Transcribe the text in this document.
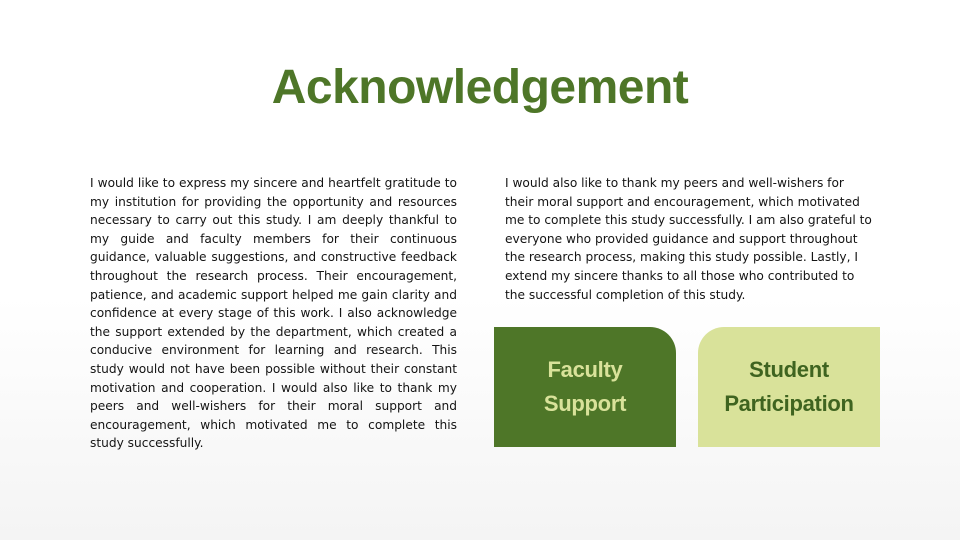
Acknowledgement

I would like to express my sincere and heartfelt gratitude to my institution for providing the opportunity and resources necessary to carry out this study. I am deeply thankful to my guide and faculty members for their continuous guidance, valuable suggestions, and constructive feedback throughout the research process. Their encouragement, patience, and academic support helped me gain clarity and confidence at every stage of this work. I also acknowledge the support extended by the department, which created a conducive environment for learning and research. This study would not have been possible without their constant motivation and cooperation. I would also like to thank my peers and well-wishers for their moral support and encouragement, which motivated me to complete this study successfully.

I would also like to thank my peers and well-wishers for their moral support and encouragement, which motivated me to complete this study successfully. I am also grateful to everyone who provided guidance and support throughout the research process, making this study possible. Lastly, I extend my sincere thanks to all those who contributed to the successful completion of this study.

Faculty
Support
Student
Participation
